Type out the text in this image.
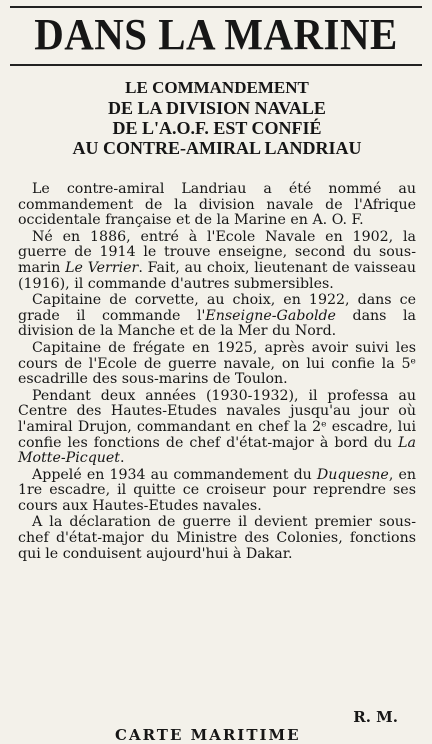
DANS LA MARINE
LE COMMANDEMENT
DE LA DIVISION NAVALE
DE L'A.O.F. EST CONFIÉ
AU CONTRE-AMIRAL LANDRIAU

Le contre-amiral Landriau a été nommé au commandement de la division navale de l'Afrique occidentale française et de la Marine en A. O. F.

Né en 1886, entré à l'Ecole Navale en 1902, la guerre de 1914 le trouve enseigne, second du sous-marin Le Verrier. Fait, au choix, lieutenant de vaisseau (1916), il commande d'autres submersibles.

Capitaine de corvette, au choix, en 1922, dans ce grade il commande l'Enseigne-Gabolde dans la division de la Manche et de la Mer du Nord.

Capitaine de frégate en 1925, après avoir suivi les cours de l'Ecole de guerre navale, on lui confie la 5ᵉ escadrille des sous-marins de Toulon.

Pendant deux années (1930-1932), il professa au Centre des Hautes-Etudes navales jusqu'au jour où l'amiral Drujon, commandant en chef la 2ᵉ escadre, lui confie les fonctions de chef d'état-major à bord du La Motte-Picquet.

Appelé en 1934 au commandement du Duquesne, en 1re escadre, il quitte ce croiseur pour reprendre ses cours aux Hautes-Etudes navales.

A la déclaration de guerre il devient premier sous-chef d'état-major du Ministre des Colonies, fonctions qui le conduisent aujourd'hui à Dakar.

R. M.
CARTE MARITIME
